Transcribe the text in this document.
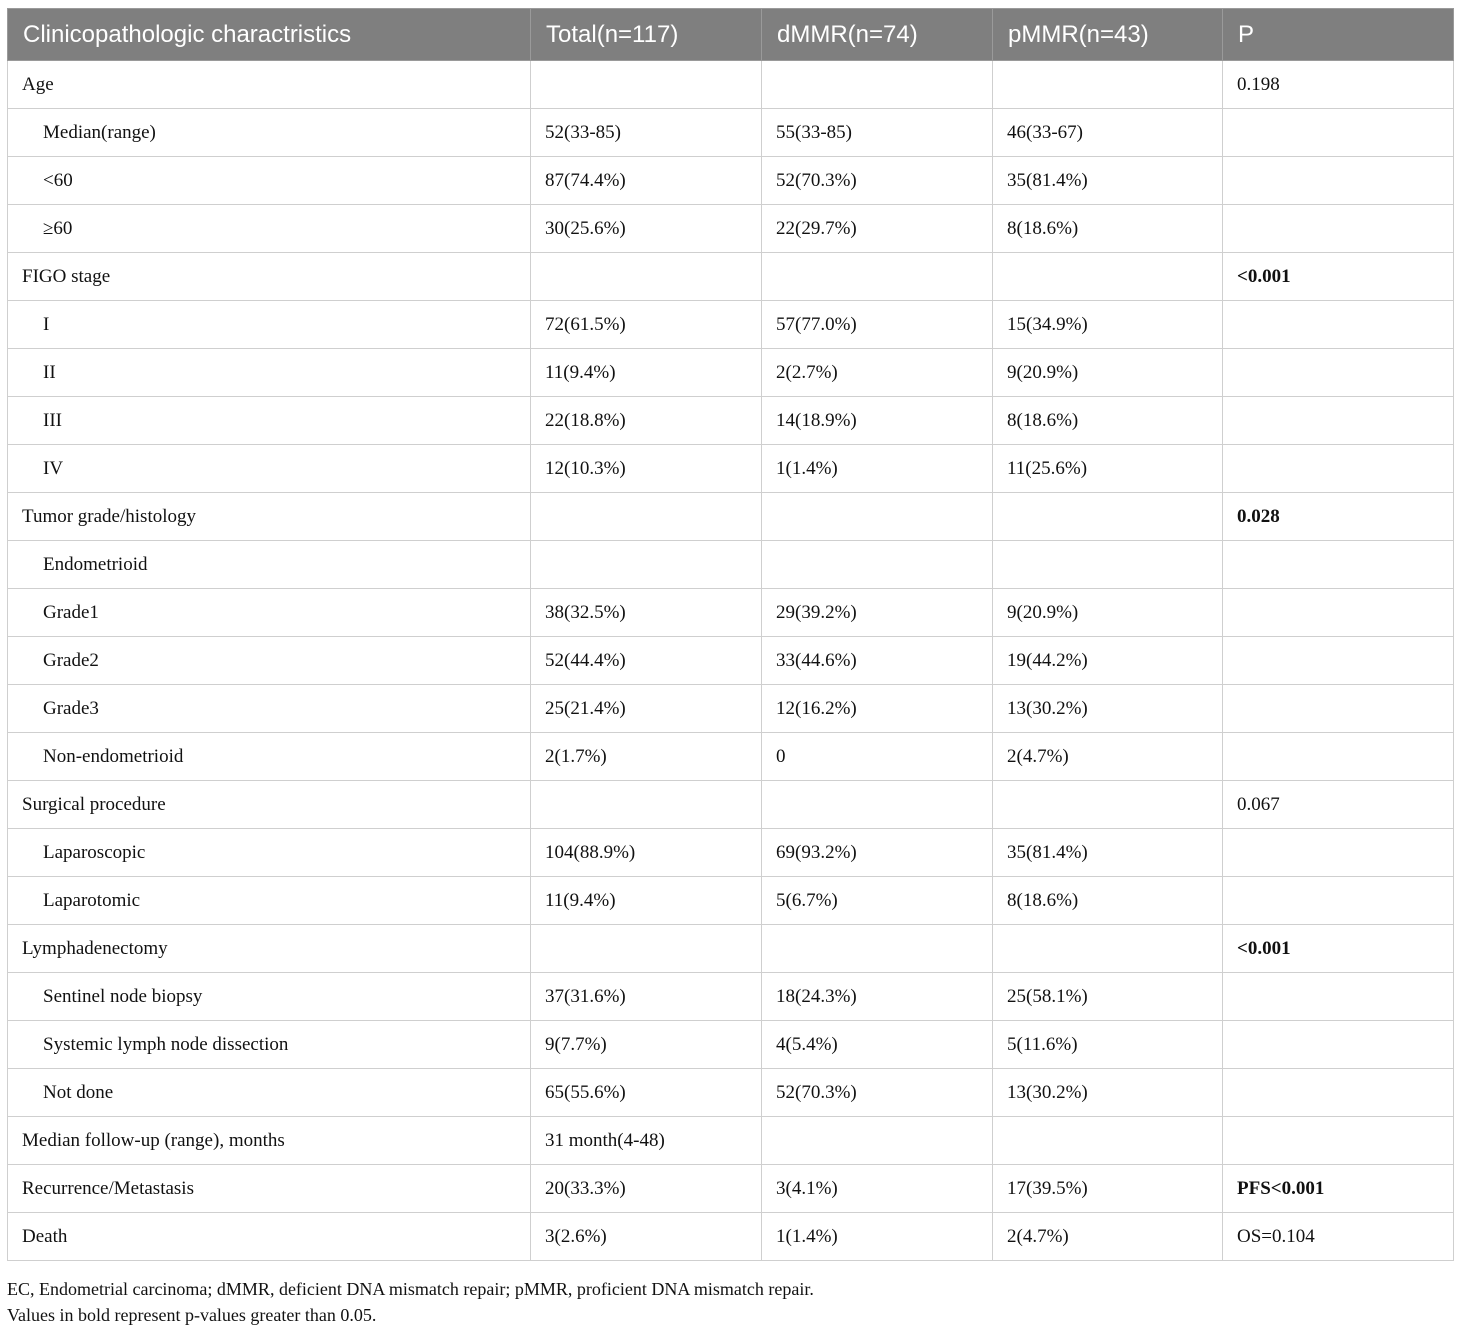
Clinicopathologic charactristics	Total(n=117)	dMMR(n=74)	pMMR(n=43)	P
Age				0.198
Median(range)	52(33-85)	55(33-85)	46(33-67)	
<60	87(74.4%)	52(70.3%)	35(81.4%)	
≥60	30(25.6%)	22(29.7%)	8(18.6%)	
FIGO stage				<0.001
I	72(61.5%)	57(77.0%)	15(34.9%)	
II	11(9.4%)	2(2.7%)	9(20.9%)	
III	22(18.8%)	14(18.9%)	8(18.6%)	
IV	12(10.3%)	1(1.4%)	11(25.6%)	
Tumor grade/histology				0.028
Endometrioid				
Grade1	38(32.5%)	29(39.2%)	9(20.9%)	
Grade2	52(44.4%)	33(44.6%)	19(44.2%)	
Grade3	25(21.4%)	12(16.2%)	13(30.2%)	
Non-endometrioid	2(1.7%)	0	2(4.7%)	
Surgical procedure				0.067
Laparoscopic	104(88.9%)	69(93.2%)	35(81.4%)	
Laparotomic	11(9.4%)	5(6.7%)	8(18.6%)	
Lymphadenectomy				<0.001
Sentinel node biopsy	37(31.6%)	18(24.3%)	25(58.1%)	
Systemic lymph node dissection	9(7.7%)	4(5.4%)	5(11.6%)	
Not done	65(55.6%)	52(70.3%)	13(30.2%)	
Median follow-up (range), months	31 month(4-48)			
Recurrence/Metastasis	20(33.3%)	3(4.1%)	17(39.5%)	PFS<0.001
Death	3(2.6%)	1(1.4%)	2(4.7%)	OS=0.104
EC, Endometrial carcinoma; dMMR, deficient DNA mismatch repair; pMMR, proficient DNA mismatch repair.
Values in bold represent p-values greater than 0.05.
